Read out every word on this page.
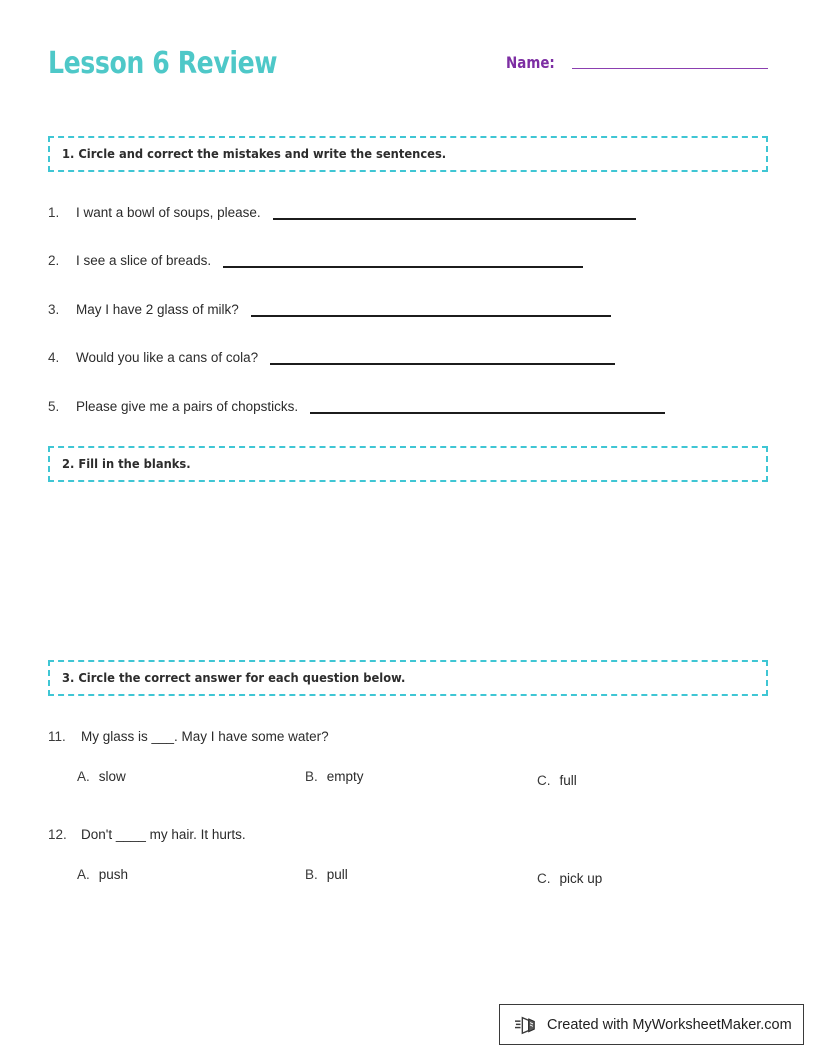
Lesson 6 Review	Name:
1. Circle and correct the mistakes and write the sentences.
1.	I want a bowl of soups, please.
2.	I see a slice of breads.
3.	May I have 2 glass of milk?
4.	Would you like a cans of cola?
5.	Please give me a pairs of chopsticks.
2. Fill in the blanks.
3. Circle the correct answer for each question below.
11.	My glass is ___. May I have some water?
A. slow	B. empty	C. full
12.	Don't ____ my hair. It hurts.
A. push	B. pull	C. pick up
Created with MyWorksheetMaker.com
